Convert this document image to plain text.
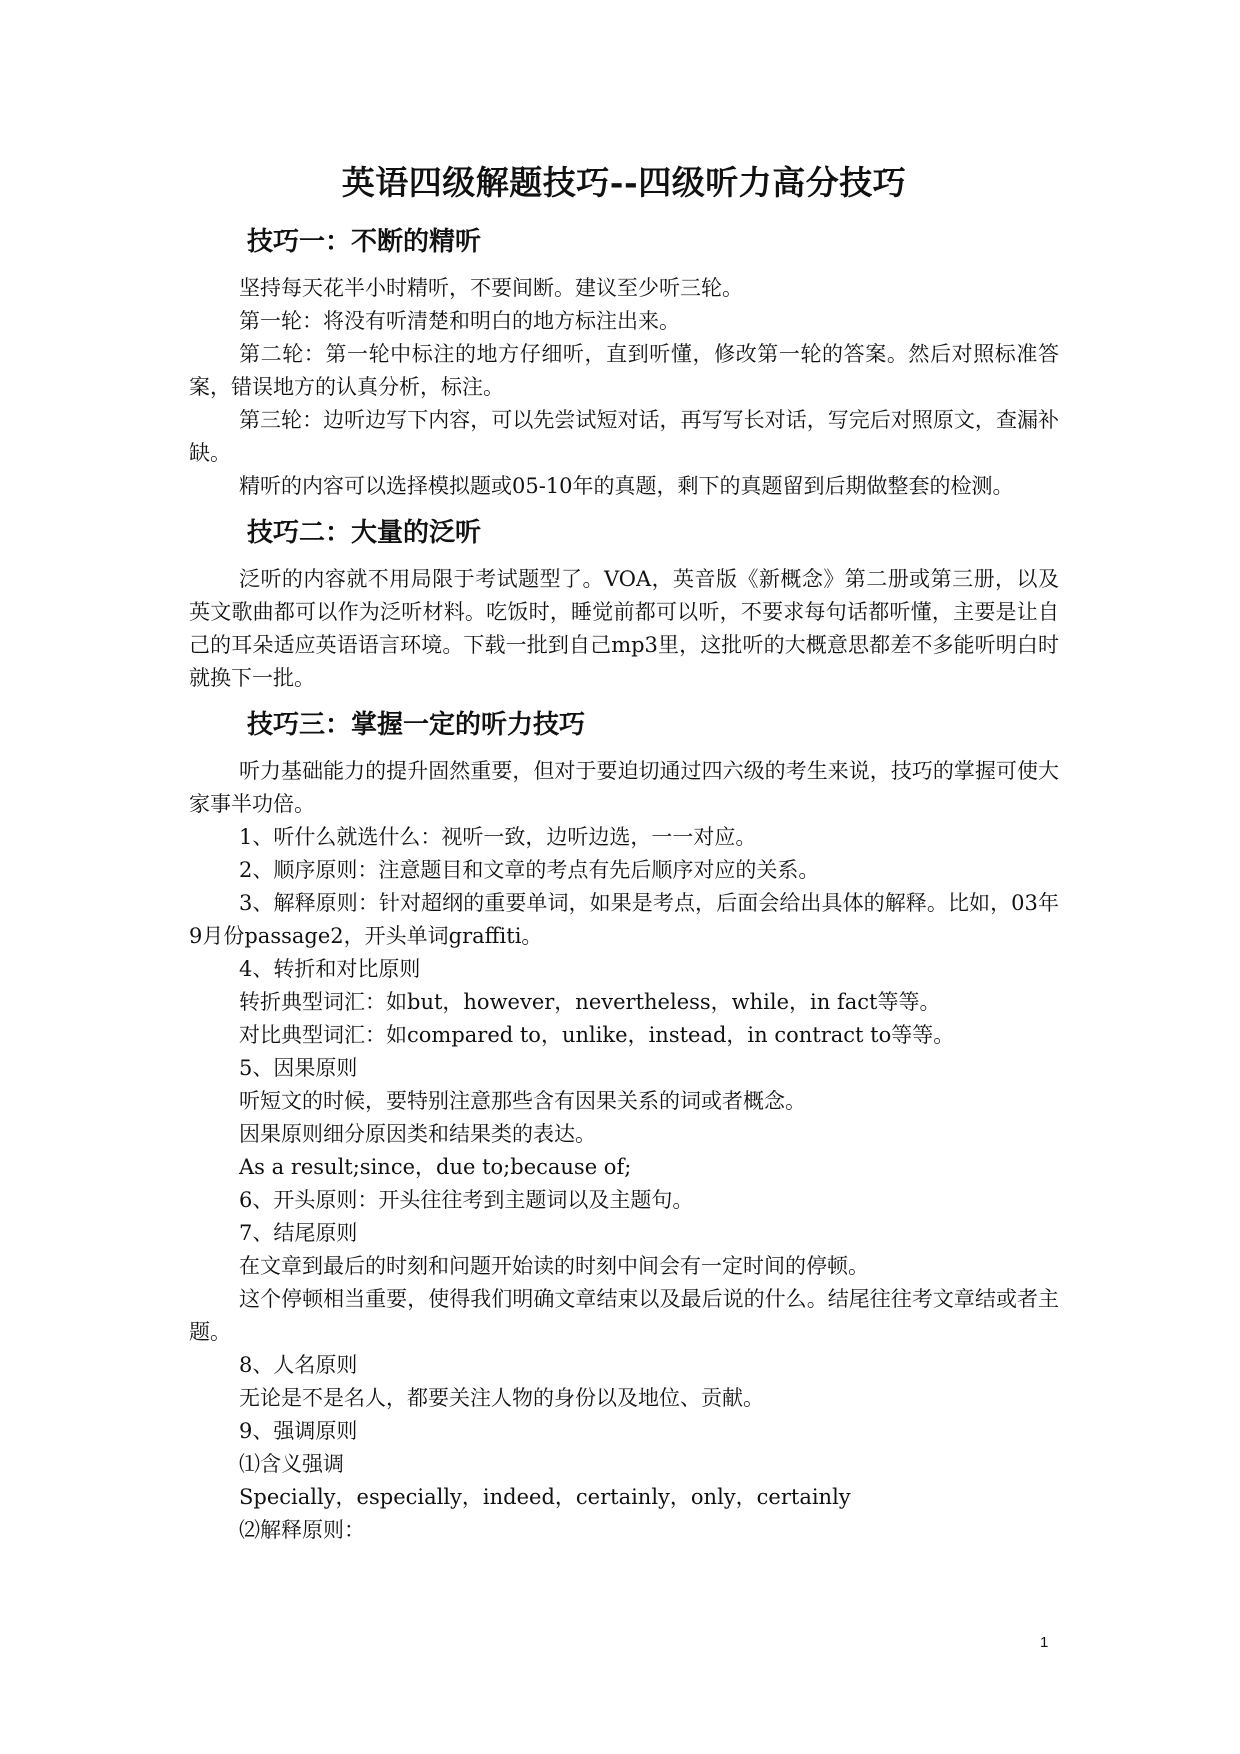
英语四级解题技巧--四级听力高分技巧
技巧一：不断的精听

坚持每天花半小时精听，不要间断。建议至少听三轮。

第一轮：将没有听清楚和明白的地方标注出来。

第二轮：第一轮中标注的地方仔细听，直到听懂，修改第一轮的答案。然后对照标准答案，错误地方的认真分析，标注。

第三轮：边听边写下内容，可以先尝试短对话，再写写长对话，写完后对照原文，查漏补缺。

精听的内容可以选择模拟题或05-10年的真题，剩下的真题留到后期做整套的检测。

技巧二：大量的泛听

泛听的内容就不用局限于考试题型了。VOA，英音版《新概念》第二册或第三册，以及英文歌曲都可以作为泛听材料。吃饭时，睡觉前都可以听，不要求每句话都听懂，主要是让自己的耳朵适应英语语言环境。下载一批到自己mp3里，这批听的大概意思都差不多能听明白时就换下一批。

技巧三：掌握一定的听力技巧

听力基础能力的提升固然重要，但对于要迫切通过四六级的考生来说，技巧的掌握可使大家事半功倍。

1、听什么就选什么：视听一致，边听边选，一一对应。

2、顺序原则：注意题目和文章的考点有先后顺序对应的关系。

3、解释原则：针对超纲的重要单词，如果是考点，后面会给出具体的解释。比如，03年9月份passage2，开头单词graffiti。

4、转折和对比原则

转折典型词汇：如but，however，nevertheless，while，in fact等等。

对比典型词汇：如compared to，unlike，instead，in contract to等等。

5、因果原则

听短文的时候，要特别注意那些含有因果关系的词或者概念。

因果原则细分原因类和结果类的表达。

As a result;since，due to;because of;

6、开头原则：开头往往考到主题词以及主题句。

7、结尾原则

在文章到最后的时刻和问题开始读的时刻中间会有一定时间的停顿。

这个停顿相当重要，使得我们明确文章结束以及最后说的什么。结尾往往考文章结或者主题。

8、人名原则

无论是不是名人，都要关注人物的身份以及地位、贡献。

9、强调原则

⑴含义强调

Specially，especially，indeed，certainly，only，certainly

⑵解释原则：

1
